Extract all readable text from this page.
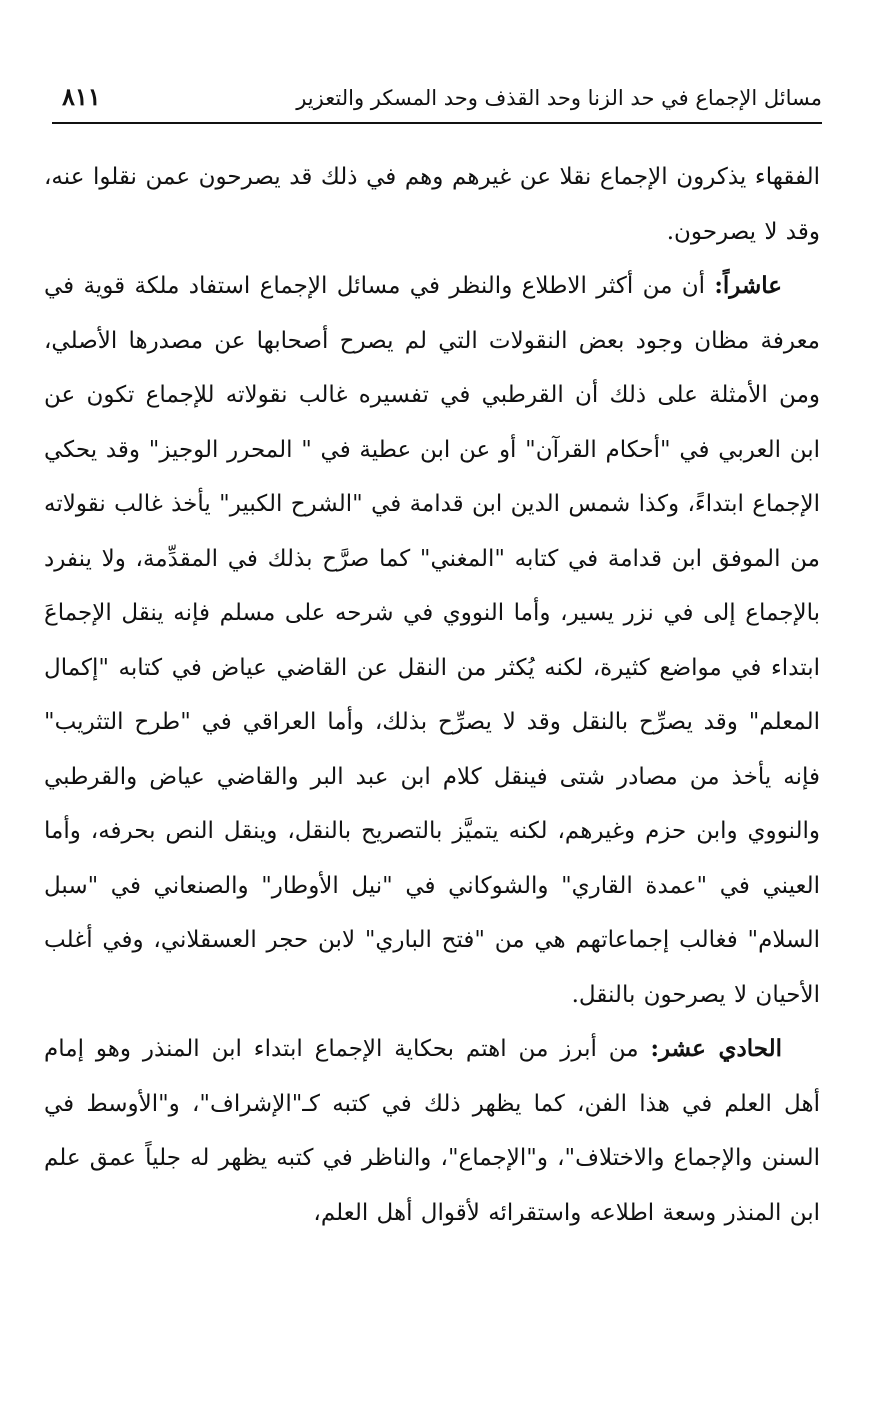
مسائل الإجماع في حد الزنا وحد القذف وحد المسكر والتعزير
٨١١

الفقهاء يذكرون الإجماع نقلا عن غيرهم وهم في ذلك قد يصرحون عمن نقلوا عنه، وقد لا يصرحون.

عاشراً: أن من أكثر الاطلاع والنظر في مسائل الإجماع استفاد ملكة قوية في معرفة مظان وجود بعض النقولات التي لم يصرح أصحابها عن مصدرها الأصلي، ومن الأمثلة على ذلك أن القرطبي في تفسيره غالب نقولاته للإجماع تكون عن ابن العربي في "أحكام القرآن" أو عن ابن عطية في " المحرر الوجيز" وقد يحكي الإجماع ابتداءً، وكذا شمس الدين ابن قدامة في "الشرح الكبير" يأخذ غالب نقولاته من الموفق ابن قدامة في كتابه "المغني" كما صرَّح بذلك في المقدِّمة، ولا ينفرد بالإجماع إلى في نزر يسير، وأما النووي في شرحه على مسلم فإنه ينقل الإجماعَ ابتداء في مواضع كثيرة، لكنه يُكثر من النقل عن القاضي عياض في كتابه "إكمال المعلم" وقد يصرِّح بالنقل وقد لا يصرِّح بذلك، وأما العراقي في "طرح التثريب" فإنه يأخذ من مصادر شتى فينقل كلام ابن عبد البر والقاضي عياض والقرطبي والنووي وابن حزم وغيرهم، لكنه يتميَّز بالتصريح بالنقل، وينقل النص بحرفه، وأما العيني في "عمدة القاري" والشوكاني في "نيل الأوطار" والصنعاني في "سبل السلام" فغالب إجماعاتهم هي من "فتح الباري" لابن حجر العسقلاني، وفي أغلب الأحيان لا يصرحون بالنقل.

الحادي عشر: من أبرز من اهتم بحكاية الإجماع ابتداء ابن المنذر وهو إمام أهل العلم في هذا الفن، كما يظهر ذلك في كتبه كـ"الإشراف"، و"الأوسط في السنن والإجماع والاختلاف"، و"الإجماع"، والناظر في كتبه يظهر له جلياً عمق علم ابن المنذر وسعة اطلاعه واستقرائه لأقوال أهل العلم،
